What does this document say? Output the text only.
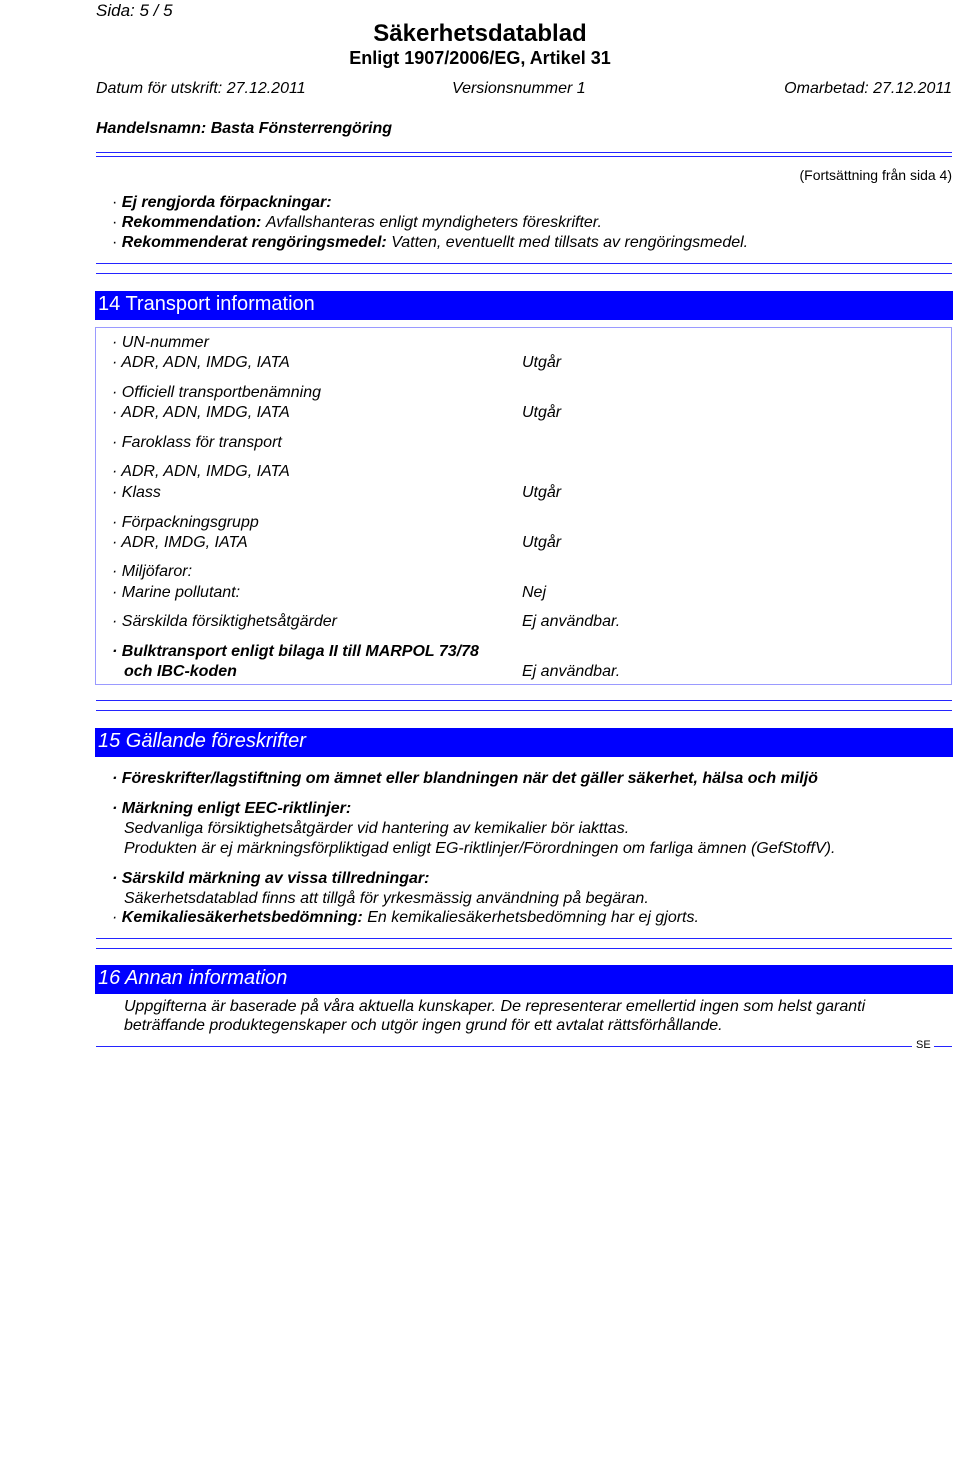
Sida: 5 / 5
Säkerhetsdatablad
Enligt 1907/2006/EG, Artikel 31
Datum för utskrift: 27.12.2011	Versionsnummer 1	Omarbetad: 27.12.2011
Handelsnamn: Basta Fönsterrengöring
(Fortsättning från sida 4)
· Ej rengjorda förpackningar:
· Rekommendation: Avfallshanteras enligt myndigheters föreskrifter.
· Rekommenderat rengöringsmedel: Vatten, eventuellt med tillsats av rengöringsmedel.
14 Transport information
· UN-nummer
· ADR, ADN, IMDG, IATA	Utgår
· Officiell transportbenämning
· ADR, ADN, IMDG, IATA	Utgår
· Faroklass för transport
· ADR, ADN, IMDG, IATA
· Klass	Utgår
· Förpackningsgrupp
· ADR, IMDG, IATA	Utgår
· Miljöfaror:
· Marine pollutant:	Nej
· Särskilda försiktighetsåtgärder	Ej användbar.
· Bulktransport enligt bilaga II till MARPOL 73/78
och IBC-koden	Ej användbar.
15 Gällande föreskrifter
· Föreskrifter/lagstiftning om ämnet eller blandningen när det gäller säkerhet, hälsa och miljö
· Märkning enligt EEC-riktlinjer:
Sedvanliga försiktighetsåtgärder vid hantering av kemikalier bör iakttas.
Produkten är ej märkningsförpliktigad enligt EG-riktlinjer/Förordningen om farliga ämnen (GefStoffV).
· Särskild märkning av vissa tillredningar:
Säkerhetsdatablad finns att tillgå för yrkesmässig användning på begäran.
· Kemikaliesäkerhetsbedömning: En kemikaliesäkerhetsbedömning har ej gjorts.
16 Annan information
Uppgifterna är baserade på våra aktuella kunskaper. De representerar emellertid ingen som helst garanti
beträffande produktegenskaper och utgör ingen grund för ett avtalat rättsförhållande.
SE
